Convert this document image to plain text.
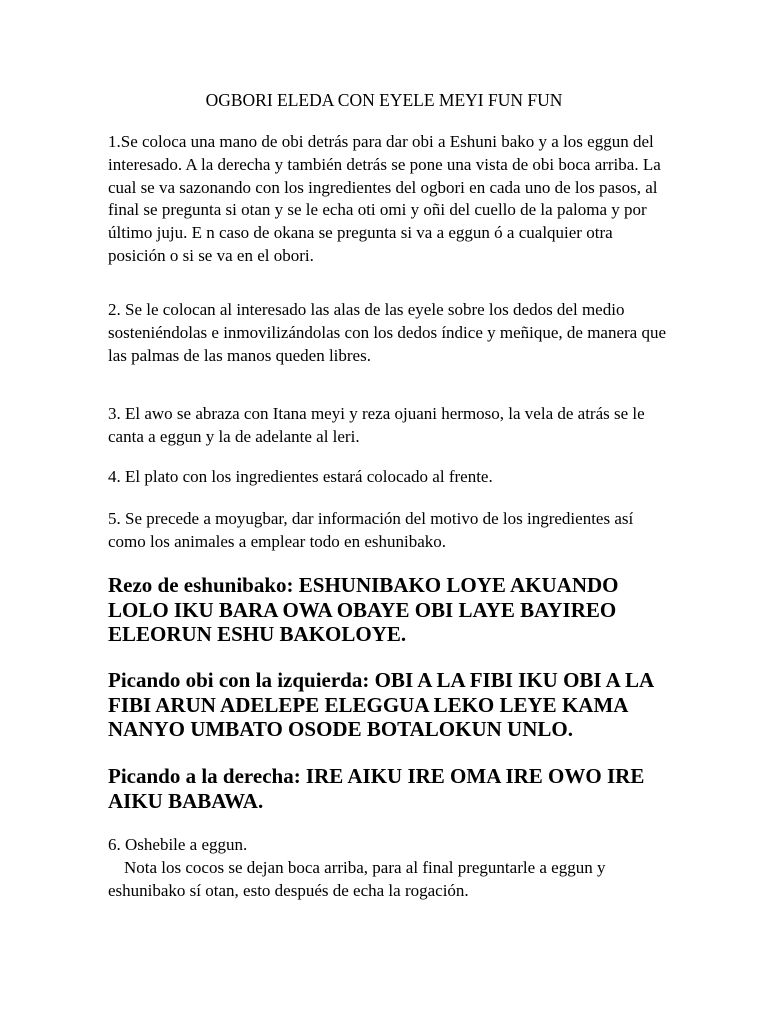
OGBORI ELEDA CON EYELE MEYI FUN FUN

1.Se coloca una mano de obi detrás para dar obi a Eshuni bako y a los eggun del interesado. A la derecha y también detrás se pone una vista de obi boca arriba. La cual se va sazonando con los ingredientes del ogbori en cada uno de los pasos, al final se pregunta si otan y se le echa oti omi y oñi del cuello de la paloma y por último juju. E n caso de okana se pregunta si va a eggun ó a cualquier otra posición o si se va en el obori.

2. Se le colocan al interesado las alas de las eyele sobre los dedos del medio sosteniéndolas e inmovilizándolas con los dedos índice y meñique, de manera que las palmas de las manos queden libres.

3. El awo se abraza con Itana meyi y reza ojuani hermoso, la vela de atrás se le canta a eggun y la de adelante al leri.

4. El plato con los ingredientes estará colocado al frente.

5. Se precede a moyugbar, dar información del motivo de los ingredientes así como los animales a emplear todo en eshunibako.

Rezo de eshunibako: ESHUNIBAKO LOYE AKUANDO LOLO IKU BARA OWA OBAYE OBI LAYE BAYIREO ELEORUN ESHU BAKOLOYE.

Picando obi con la izquierda: OBI A LA FIBI IKU OBI A LA FIBI ARUN ADELEPE ELEGGUA LEKO LEYE KAMA NANYO UMBATO OSODE BOTALOKUN UNLO.

Picando a la derecha: IRE AIKU IRE OMA IRE OWO IRE AIKU BABAWA.

6. Oshebile a eggun.
Nota los cocos se dejan boca arriba, para al final preguntarle a eggun y eshunibako sí otan, esto después de echa la rogación.
